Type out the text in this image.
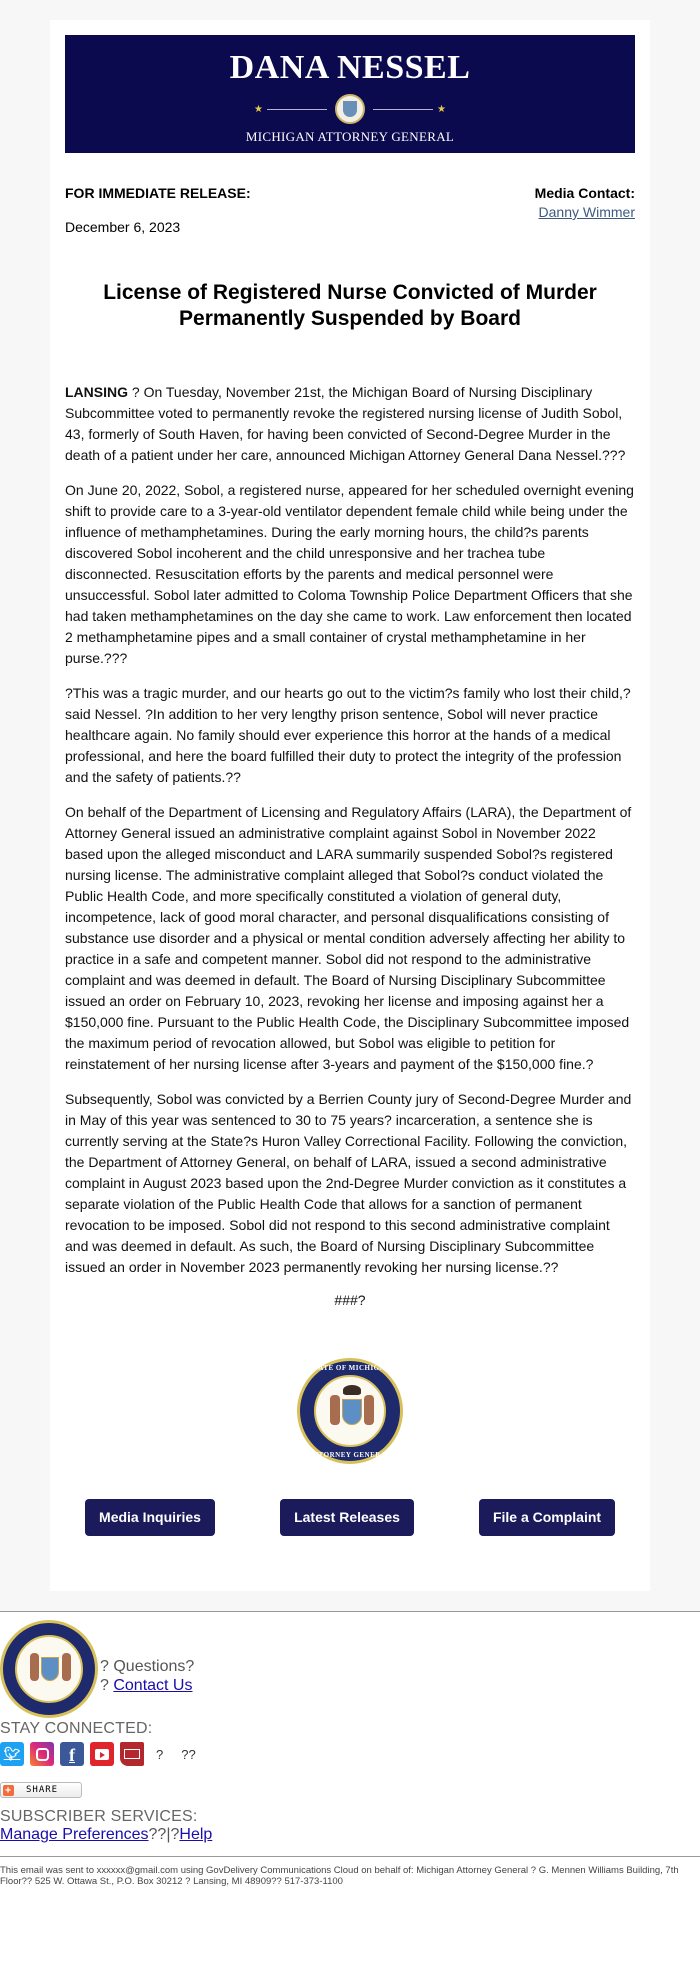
DANA NESSEL
★	★
MICHIGAN ATTORNEY GENERAL
FOR IMMEDIATE RELEASE:
December 6, 2023
Media Contact:
Danny Wimmer
License of Registered Nurse Convicted of Murder Permanently Suspended by Board

LANSING ? On Tuesday, November 21st, the Michigan Board of Nursing Disciplinary Subcommittee voted to permanently revoke the registered nursing license of Judith Sobol, 43, formerly of South Haven, for having been convicted of Second-Degree Murder in the death of a patient under her care, announced Michigan Attorney General Dana Nessel.???

On June 20, 2022, Sobol, a registered nurse, appeared for her scheduled overnight evening shift to provide care to a 3-year-old ventilator dependent female child while being under the influence of methamphetamines. During the early morning hours, the child?s parents discovered Sobol incoherent and the child unresponsive and her trachea tube disconnected. Resuscitation efforts by the parents and medical personnel were unsuccessful. Sobol later admitted to Coloma Township Police Department Officers that she had taken methamphetamines on the day she came to work. Law enforcement then located 2 methamphetamine pipes and a small container of crystal methamphetamine in her purse.???

?This was a tragic murder, and our hearts go out to the victim?s family who lost their child,? said Nessel. ?In addition to her very lengthy prison sentence, Sobol will never practice healthcare again. No family should ever experience this horror at the hands of a medical professional, and here the board fulfilled their duty to protect the integrity of the profession and the safety of patients.??

On behalf of the Department of Licensing and Regulatory Affairs (LARA), the Department of Attorney General issued an administrative complaint against Sobol in November 2022 based upon the alleged misconduct and LARA summarily suspended Sobol?s registered nursing license. The administrative complaint alleged that Sobol?s conduct violated the Public Health Code, and more specifically constituted a violation of general duty, incompetence, lack of good moral character, and personal disqualifications consisting of substance use disorder and a physical or mental condition adversely affecting her ability to practice in a safe and competent manner. Sobol did not respond to the administrative complaint and was deemed in default. The Board of Nursing Disciplinary Subcommittee issued an order on February 10, 2023, revoking her license and imposing against her a $150,000 fine. Pursuant to the Public Health Code, the Disciplinary Subcommittee imposed the maximum period of revocation allowed, but Sobol was eligible to petition for reinstatement of her nursing license after 3-years and payment of the $150,000 fine.?

Subsequently, Sobol was convicted by a Berrien County jury of Second-Degree Murder and in May of this year was sentenced to 30 to 75 years? incarceration, a sentence she is currently serving at the State?s Huron Valley Correctional Facility. Following the conviction, the Department of Attorney General, on behalf of LARA, issued a second administrative complaint in August 2023 based upon the 2nd-Degree Murder conviction as it constitutes a separate violation of the Public Health Code that allows for a sanction of permanent revocation to be imposed. Sobol did not respond to this second administrative complaint and was deemed in default. As such, the Board of Nursing Disciplinary Subcommittee issued an order in November 2023 permanently revoking her nursing license.??

###?
STATE OF MICHIGAN
ATTORNEY GENERAL
Media Inquiries	Latest Releases	File a Complaint
? Questions?
? Contact Us
STAY CONNECTED:
🐦︎	f	? ??
+ SHARE
SUBSCRIBER SERVICES:
Manage Preferences??|?Help
This email was sent to xxxxxx@gmail.com using GovDelivery Communications Cloud on behalf of: Michigan Attorney General ? G. Mennen Williams Building, 7th Floor?? 525 W. Ottawa St., P.O. Box 30212 ? Lansing, MI 48909?? 517-373-1100
